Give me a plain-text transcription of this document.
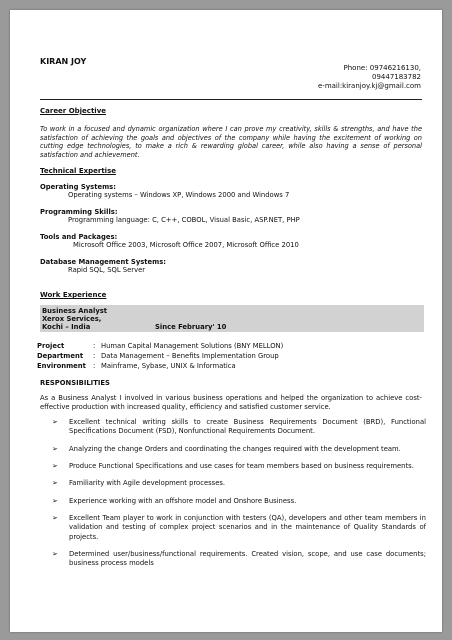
KIRAN JOY
Phone: 09746216130,
09447183782
e-mail:kiranjoy.kj@gmail.com
Career Objective
To work in a focused and dynamic organization where I can prove my creativity, skills & strengths, and have the satisfaction of achieving the goals and objectives of the company while having the excitement of working on cutting edge technologies, to make a rich & rewarding global career, while also having a sense of personal satisfaction and achievement.
Technical Expertise
Operating Systems:
Operating systems – Windows XP, Windows 2000 and Windows 7
Programming Skills:
Programming language: C, C++, COBOL, Visual Basic, ASP.NET, PHP
Tools and Packages:
Microsoft Office 2003, Microsoft Office 2007, Microsoft Office 2010
Database Management Systems:
Rapid SQL, SQL Server
Work Experience
Business Analyst
Xerox Services,
Kochi – India	Since February' 10
Project	: Human Capital Management Solutions (BNY MELLON)
Department : Data Management – Benefits Implementation Group
Environment : Mainframe, Sybase, UNIX & Informatica
RESPONSIBILITIES
As a Business Analyst I involved in various business operations and helped the organization to achieve cost-effective production with increased quality, efficiency and satisfied customer service.
➢ Excellent technical writing skills to create Business Requirements Document (BRD), Functional Specifications Document (FSD), Nonfunctional Requirements Document.
➢ Analyzing the change Orders and coordinating the changes required with the development team.
➢ Produce Functional Specifications and use cases for team members based on business requirements.
➢ Familiarity with Agile development processes.
➢ Experience working with an offshore model and Onshore Business.
➢ Excellent Team player to work in conjunction with testers (QA), developers and other team members in validation and testing of complex project scenarios and in the maintenance of Quality Standards of projects.
➢ Determined user/business/functional requirements. Created vision, scope, and use case documents; business process models
